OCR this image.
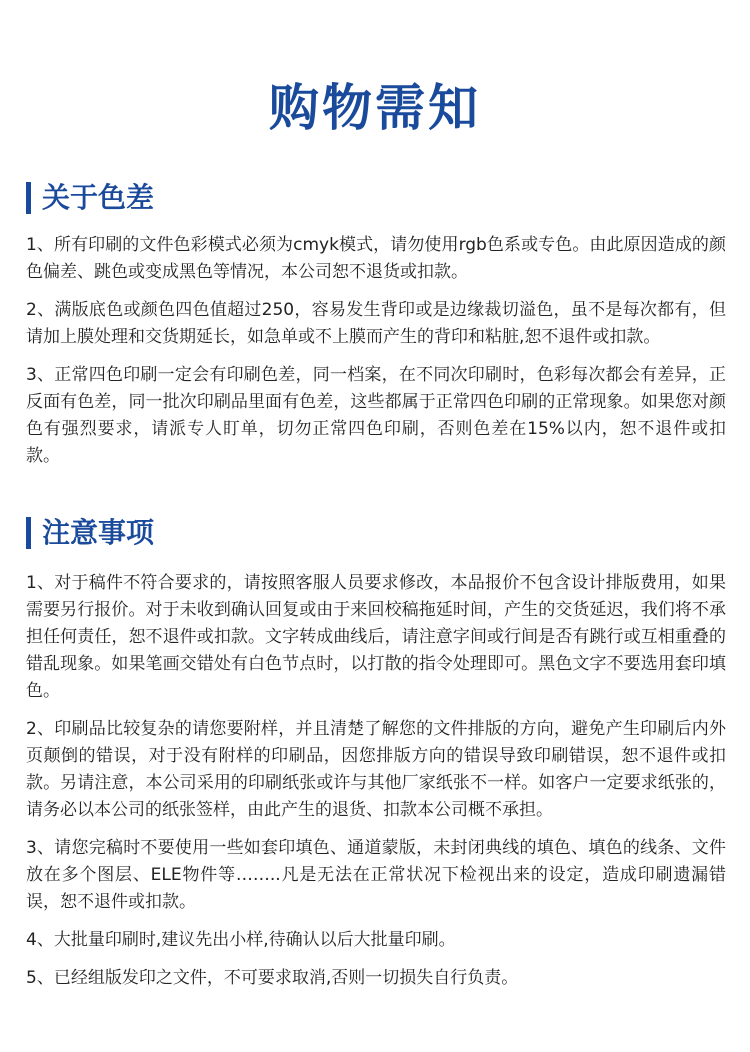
购物需知
关于色差

1、所有印刷的文件色彩模式必须为cmyk模式，请勿使用rgb色系或专色。由此原因造成的颜色偏差、跳色或变成黑色等情况，本公司恕不退货或扣款。

2、满版底色或颜色四色值超过250，容易发生背印或是边缘裁切溢色，虽不是每次都有，但请加上膜处理和交货期延长，如急单或不上膜而产生的背印和粘脏,恕不退件或扣款。

3、正常四色印刷一定会有印刷色差，同一档案，在不同次印刷时，色彩每次都会有差异，正反面有色差，同一批次印刷品里面有色差，这些都属于正常四色印刷的正常现象。如果您对颜色有强烈要求，请派专人盯单，切勿正常四色印刷，否则色差在15%以内，恕不退件或扣款。

注意事项

1、对于稿件不符合要求的，请按照客服人员要求修改，本品报价不包含设计排版费用，如果需要另行报价。对于未收到确认回复或由于来回校稿拖延时间，产生的交货延迟，我们将不承担任何责任，恕不退件或扣款。文字转成曲线后，请注意字间或行间是否有跳行或互相重叠的错乱现象。如果笔画交错处有白色节点时，以打散的指令处理即可。黑色文字不要选用套印填色。

2、印刷品比较复杂的请您要附样，并且清楚了解您的文件排版的方向，避免产生印刷后内外页颠倒的错误，对于没有附样的印刷品，因您排版方向的错误导致印刷错误，恕不退件或扣款。另请注意，本公司采用的印刷纸张或许与其他厂家纸张不一样。如客户一定要求纸张的，请务必以本公司的纸张签样，由此产生的退货、扣款本公司概不承担。

3、请您完稿时不要使用一些如套印填色、通道蒙版，未封闭典线的填色、填色的线条、文件放在多个图层、ELE物件等……..凡是无法在正常状况下检视出来的设定，造成印刷遗漏错误，恕不退件或扣款。

4、大批量印刷时,建议先出小样,待确认以后大批量印刷。

5、已经组版发印之文件，不可要求取消,否则一切损失自行负责。
